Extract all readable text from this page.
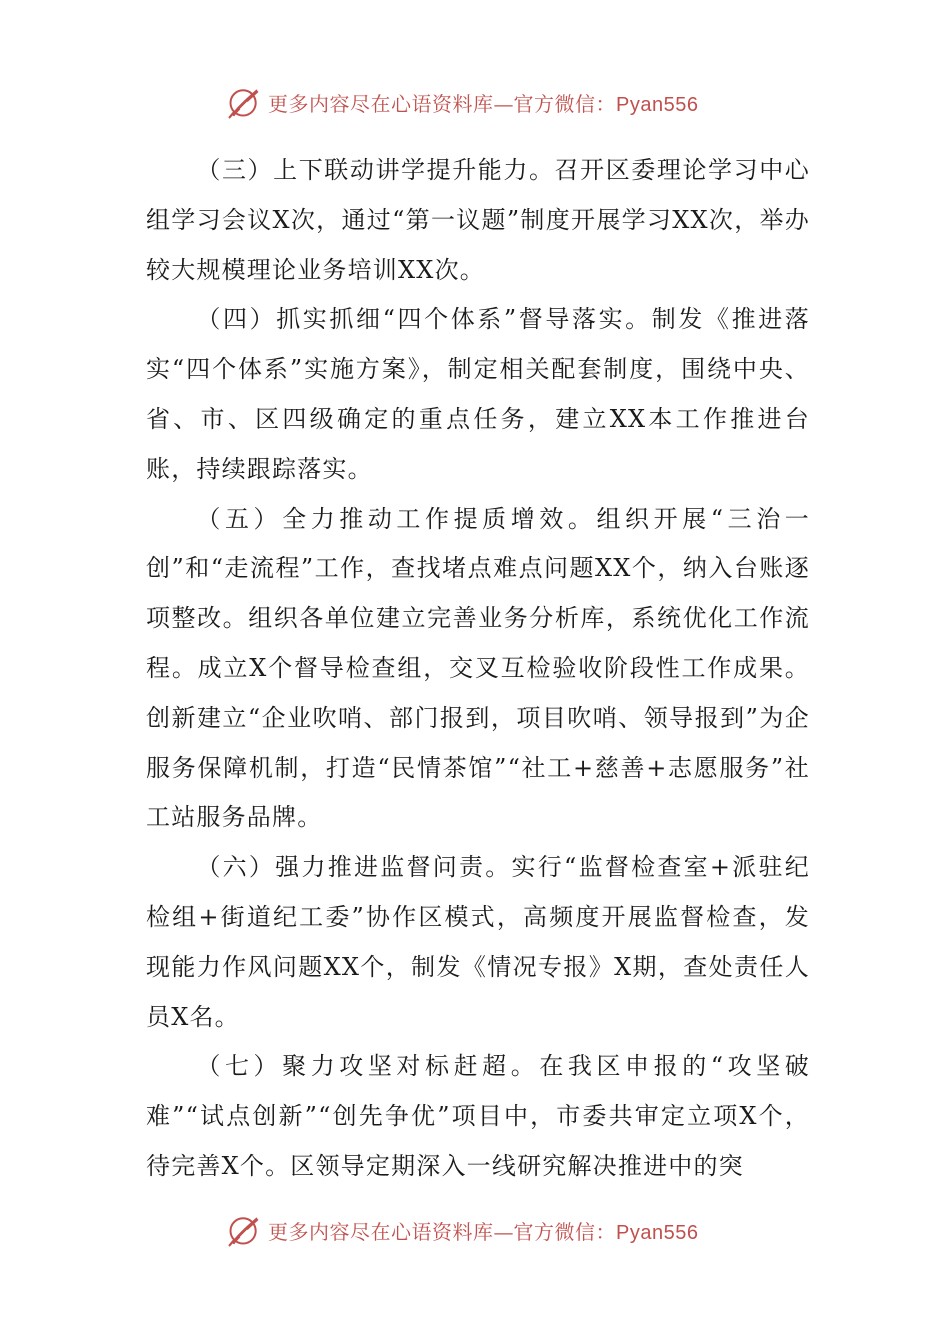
更多内容尽在心语资料库—官方微信：Pyan556

（三）上下联动讲学提升能力。召开区委理论学习中心组学习会议X次，通过“第一议题”制度开展学习XX次，举办较大规模理论业务培训XX次。

（四）抓实抓细“四个体系”督导落实。制发《推进落实“四个体系”实施方案》，制定相关配套制度，围绕中央、省、市、区四级确定的重点任务，建立XX本工作推进台账，持续跟踪落实。

（五）全力推动工作提质增效。组织开展“三治一创”和“走流程”工作，查找堵点难点问题XX个，纳入台账逐项整改。组织各单位建立完善业务分析库，系统优化工作流程。成立X个督导检查组，交叉互检验收阶段性工作成果。创新建立“企业吹哨、部门报到，项目吹哨、领导报到”为企服务保障机制，打造“民情茶馆”“社工+慈善+志愿服务”社工站服务品牌。

（六）强力推进监督问责。实行“监督检查室+派驻纪检组+街道纪工委”协作区模式，高频度开展监督检查，发现能力作风问题XX个，制发《情况专报》X期，查处责任人员X名。

（七）聚力攻坚对标赶超。在我区申报的“攻坚破难”“试点创新”“创先争优”项目中，市委共审定立项X个，待完善X个。区领导定期深入一线研究解决推进中的突

更多内容尽在心语资料库—官方微信：Pyan556
